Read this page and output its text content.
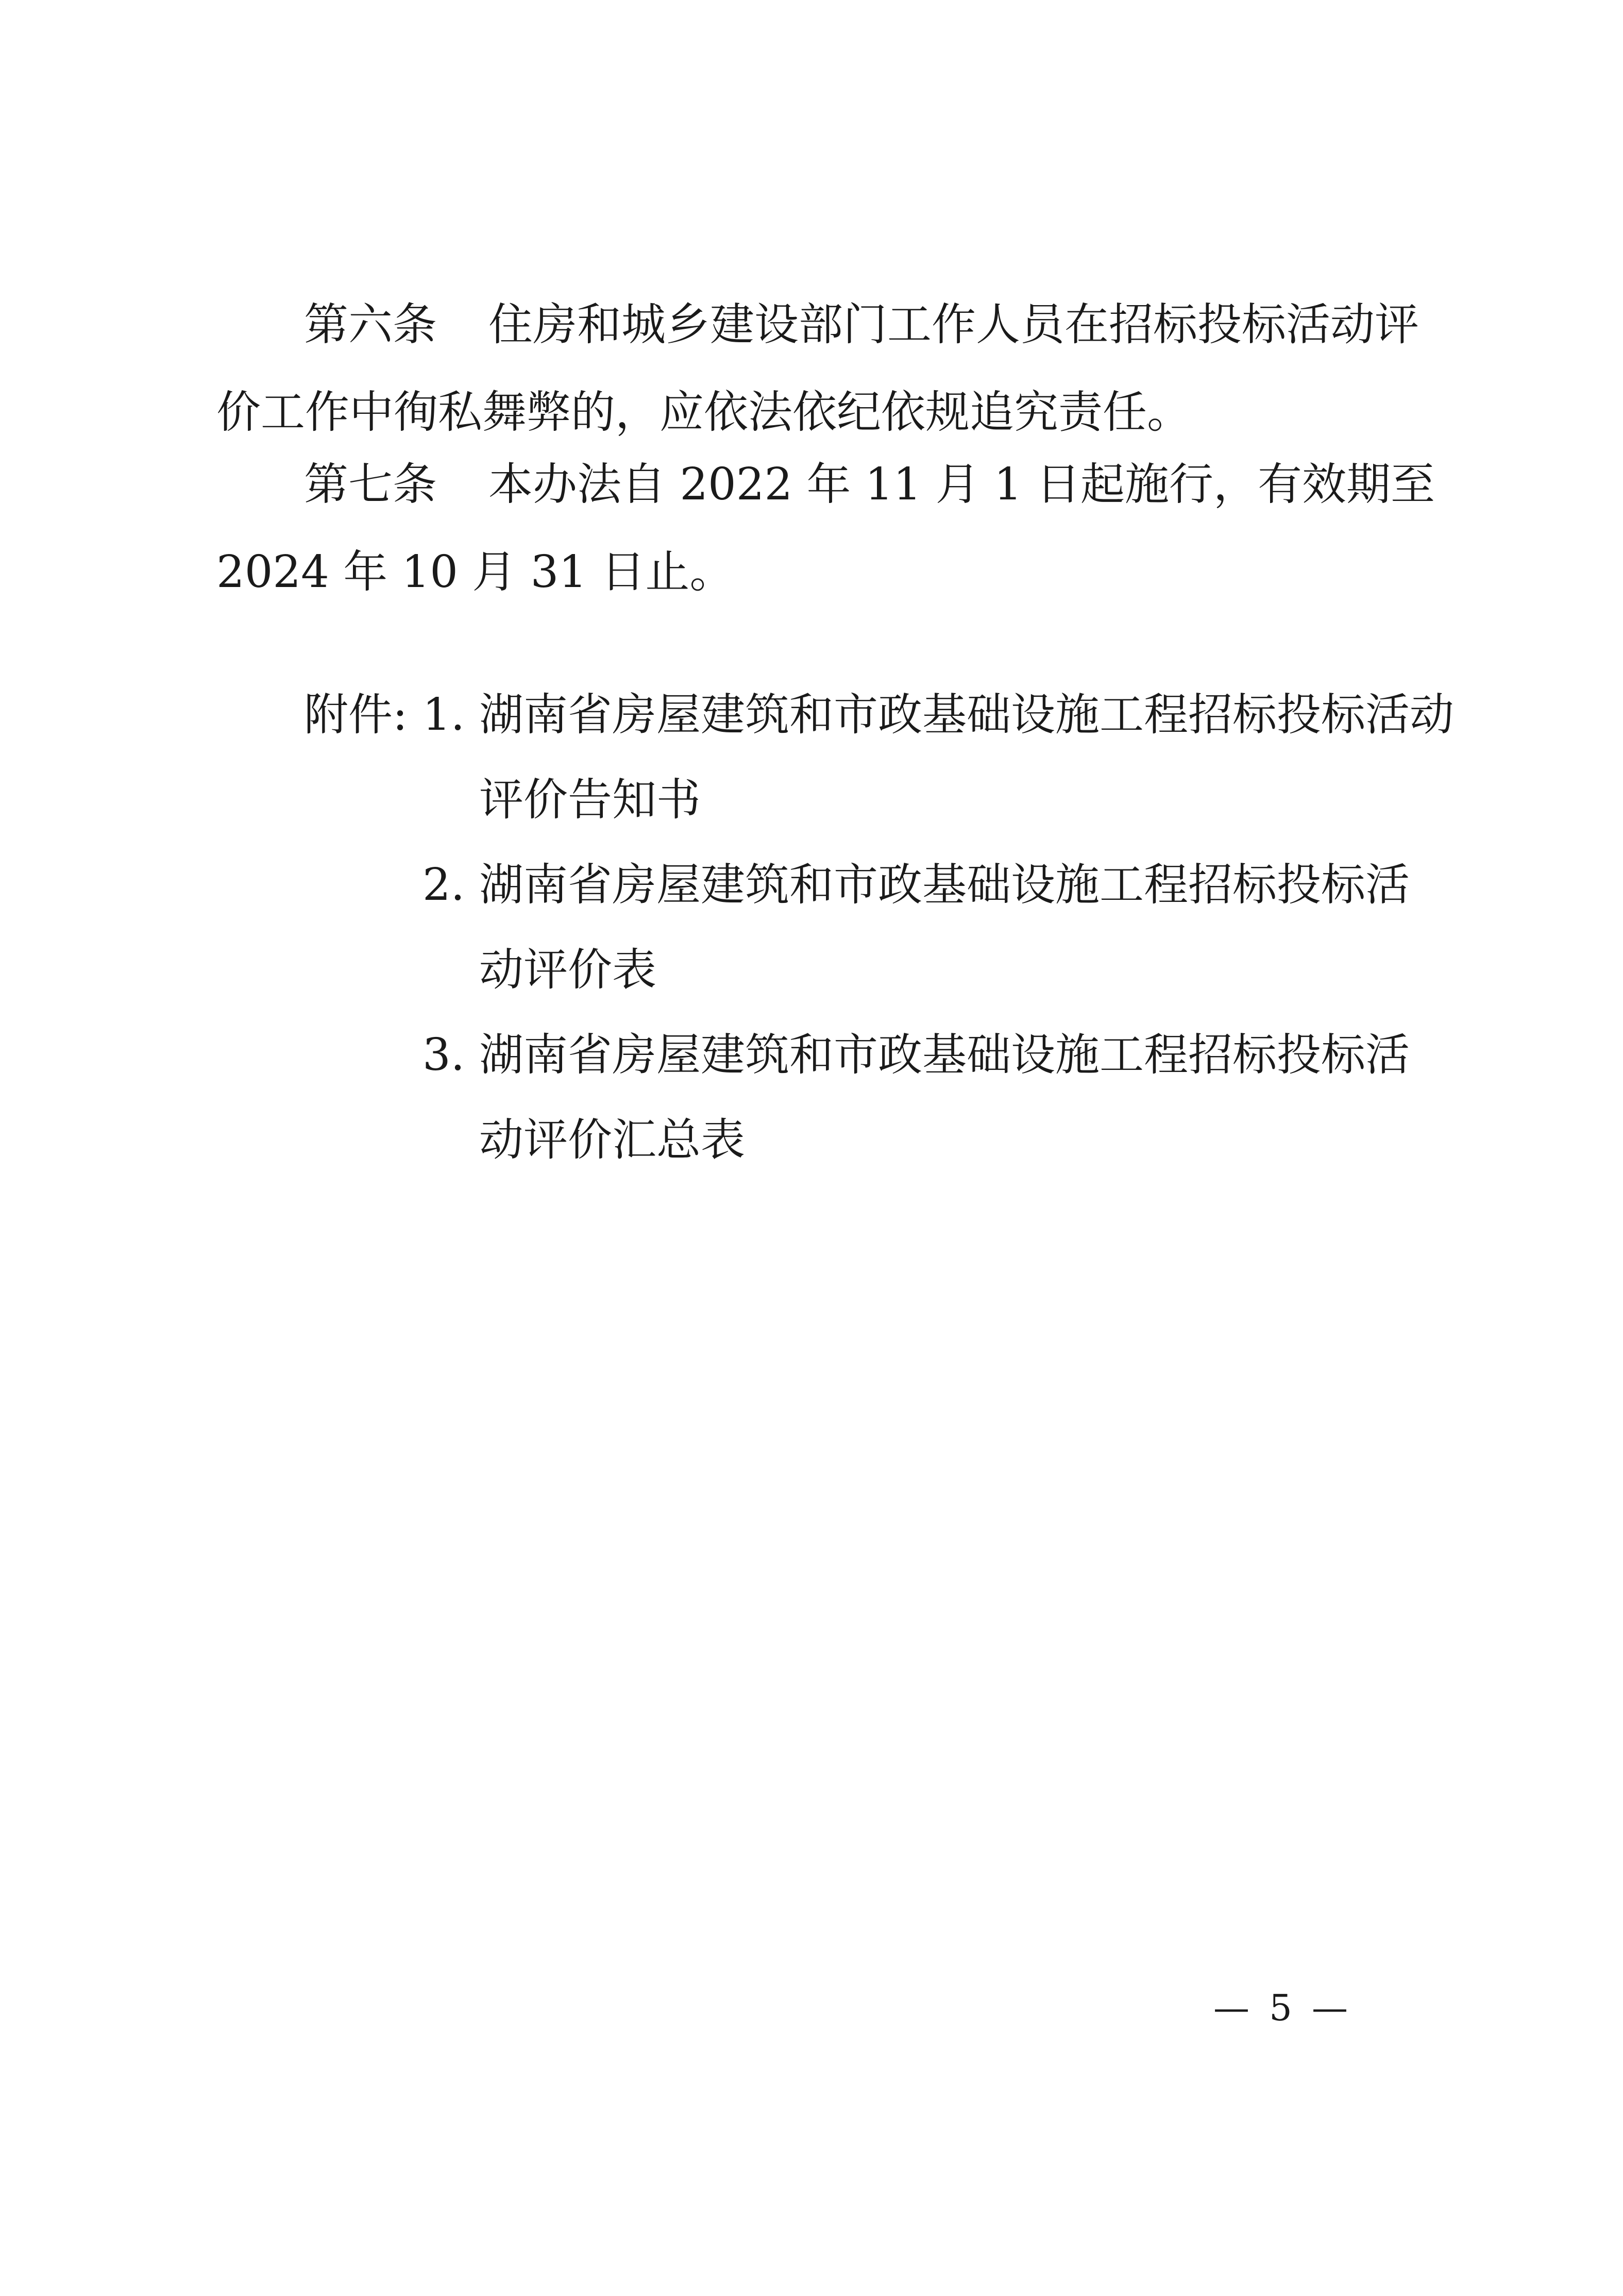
第六条 住房和城乡建设部门工作人员在招标投标活动评
价工作中徇私舞弊的，应依法依纪依规追究责任。
第七条 本办法自 2022 年 11 月 1 日起施行，有效期至
2024 年 10 月 31 日止。
附件: 1. 湖南省房屋建筑和市政基础设施工程招标投标活动
评价告知书
2. 湖南省房屋建筑和市政基础设施工程招标投标活
动评价表
3. 湖南省房屋建筑和市政基础设施工程招标投标活
动评价汇总表
— 5 —
